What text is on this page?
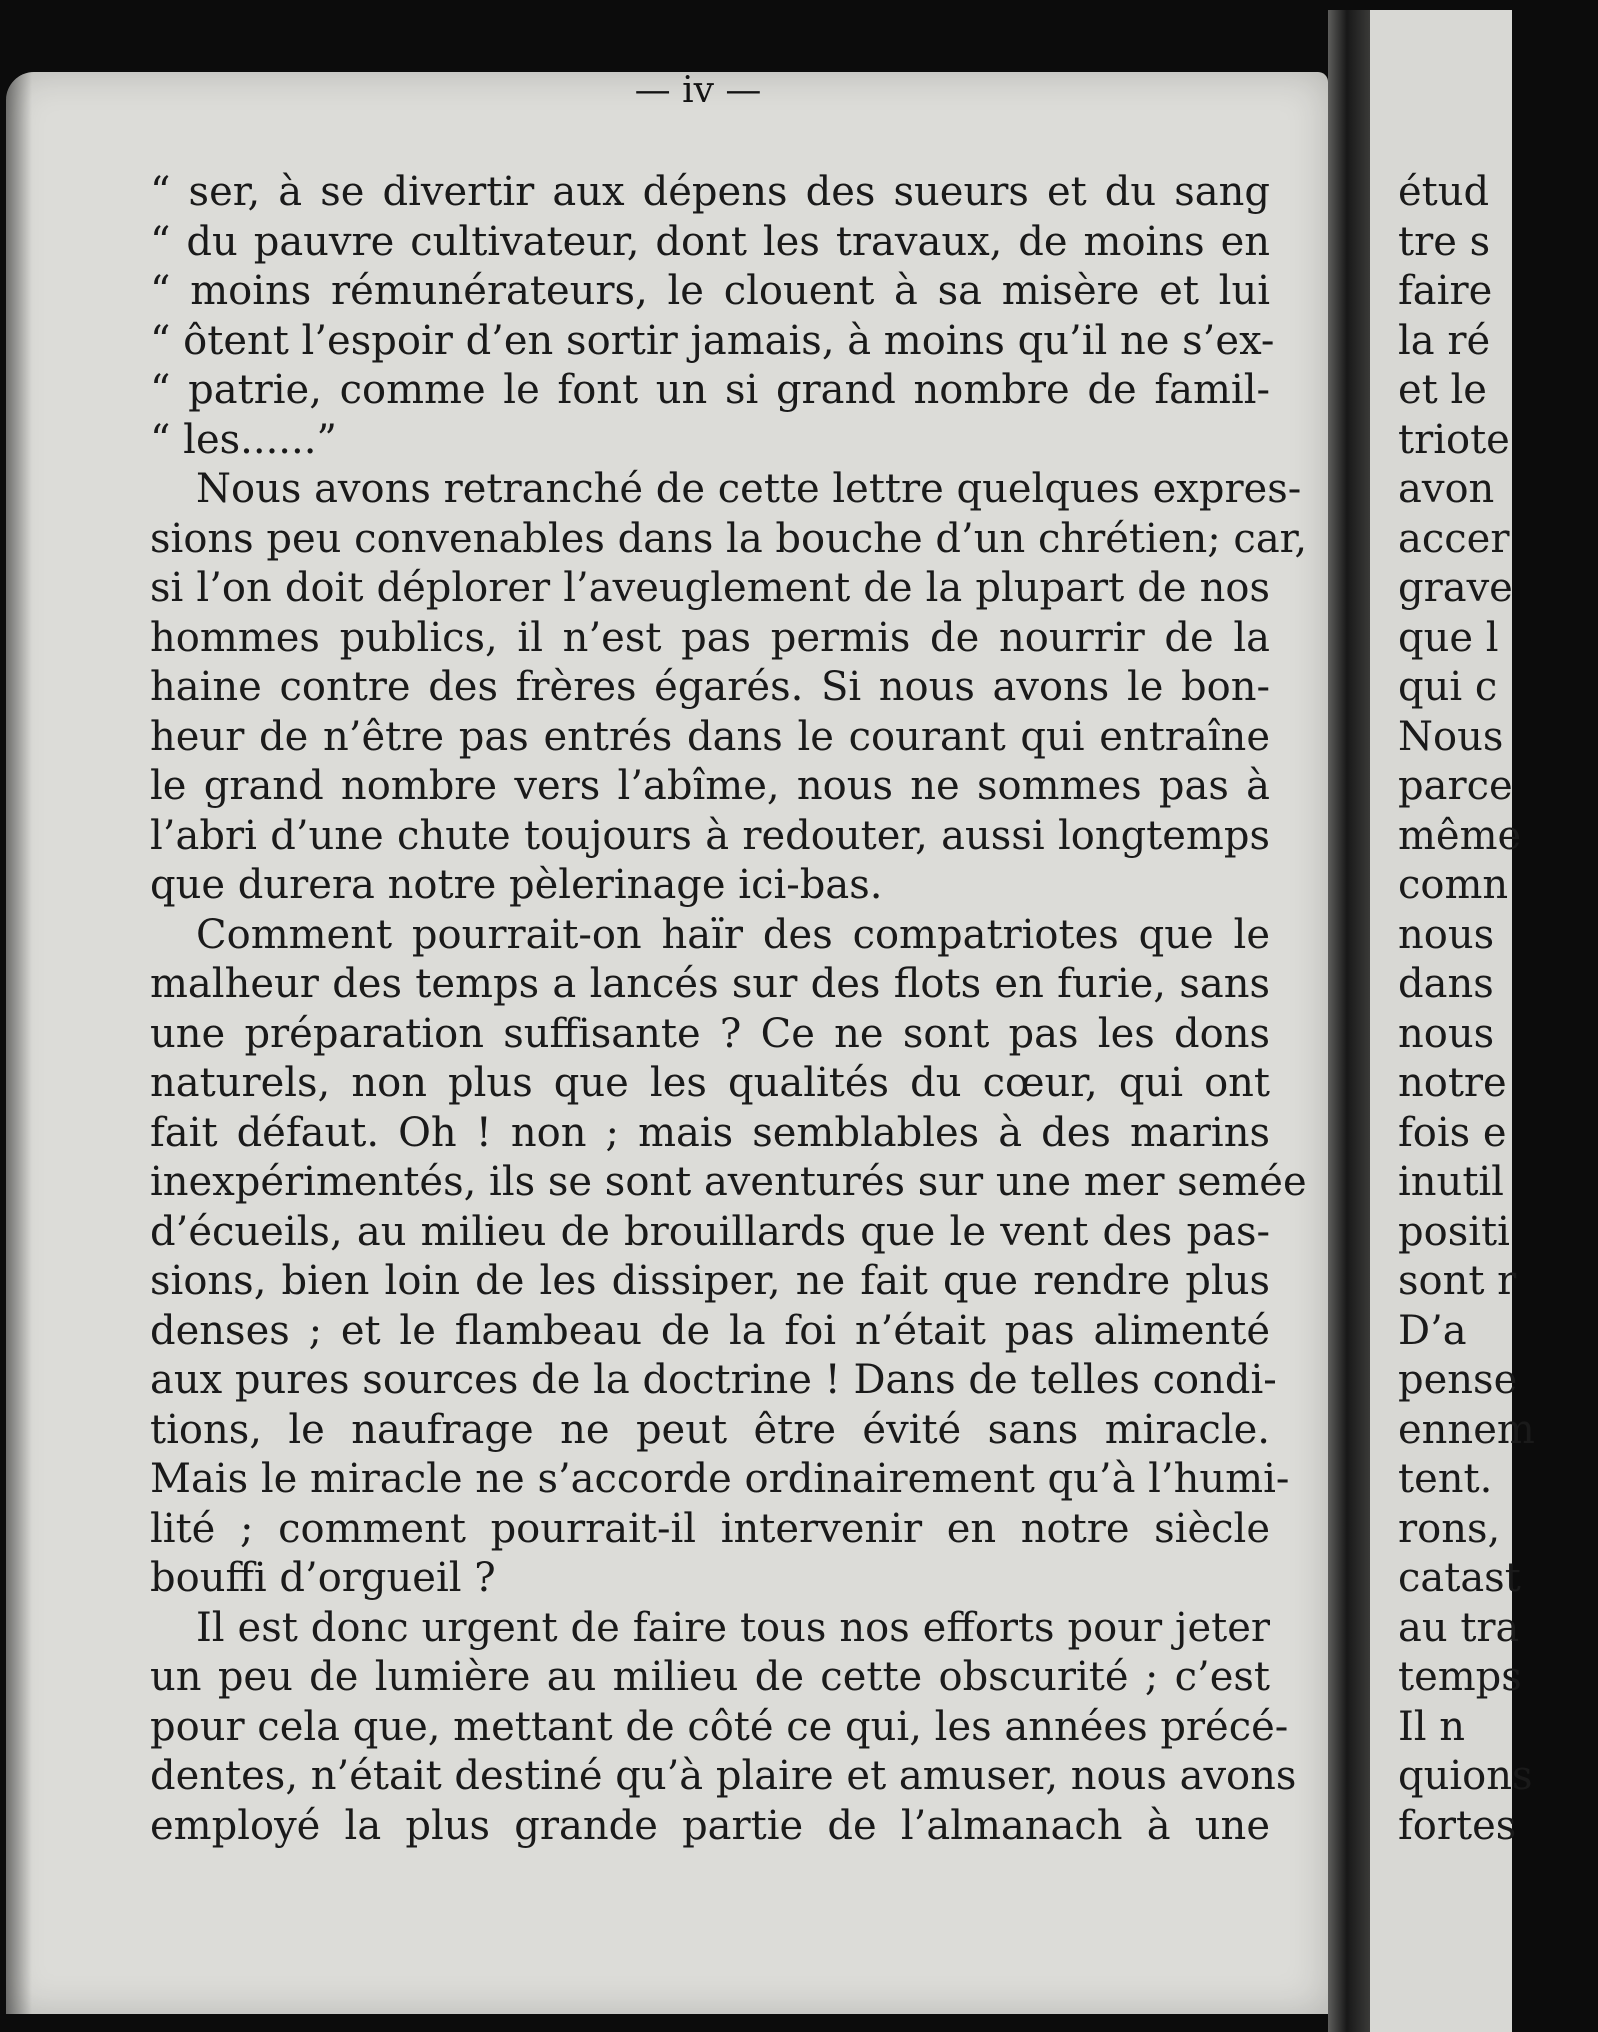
— iv —
“ ser, à se divertir aux dépens des sueurs et du sang
“ du pauvre cultivateur, dont les travaux, de moins en
“ moins rémunérateurs, le clouent à sa misère et lui
“ ôtent l’espoir d’en sortir jamais, à moins qu’il ne s’ex-
“ patrie, comme le font un si grand nombre de famil-
“ les......”
Nous avons retranché de cette lettre quelques expres-
sions peu convenables dans la bouche d’un chrétien; car,
si l’on doit déplorer l’aveuglement de la plupart de nos
hommes publics, il n’est pas permis de nourrir de la
haine contre des frères égarés. Si nous avons le bon-
heur de n’être pas entrés dans le courant qui entraîne
le grand nombre vers l’abîme, nous ne sommes pas à
l’abri d’une chute toujours à redouter, aussi longtemps
que durera notre pèlerinage ici-bas.
Comment pourrait-on haïr des compatriotes que le
malheur des temps a lancés sur des flots en furie, sans
une préparation suffisante ? Ce ne sont pas les dons
naturels, non plus que les qualités du cœur, qui ont
fait défaut. Oh ! non ; mais semblables à des marins
inexpérimentés, ils se sont aventurés sur une mer semée
d’écueils, au milieu de brouillards que le vent des pas-
sions, bien loin de les dissiper, ne fait que rendre plus
denses ; et le flambeau de la foi n’était pas alimenté
aux pures sources de la doctrine ! Dans de telles condi-
tions, le naufrage ne peut être évité sans miracle.
Mais le miracle ne s’accorde ordinairement qu’à l’humi-
lité ; comment pourrait-il intervenir en notre siècle
bouffi d’orgueil ?
Il est donc urgent de faire tous nos efforts pour jeter
un peu de lumière au milieu de cette obscurité ; c’est
pour cela que, mettant de côté ce qui, les années précé-
dentes, n’était destiné qu’à plaire et amuser, nous avons
employé la plus grande partie de l’almanach à une
étud
tre s
faire
la ré
et le
triote
avon
accer
grave
que l
qui c
Nous
parce
même
comn
nous
dans
nous
notre
fois e
inutil
positi
sont r
D’a
pense
ennem
tent.
rons,
catast
au tra
temps
Il n
quions
fortes
